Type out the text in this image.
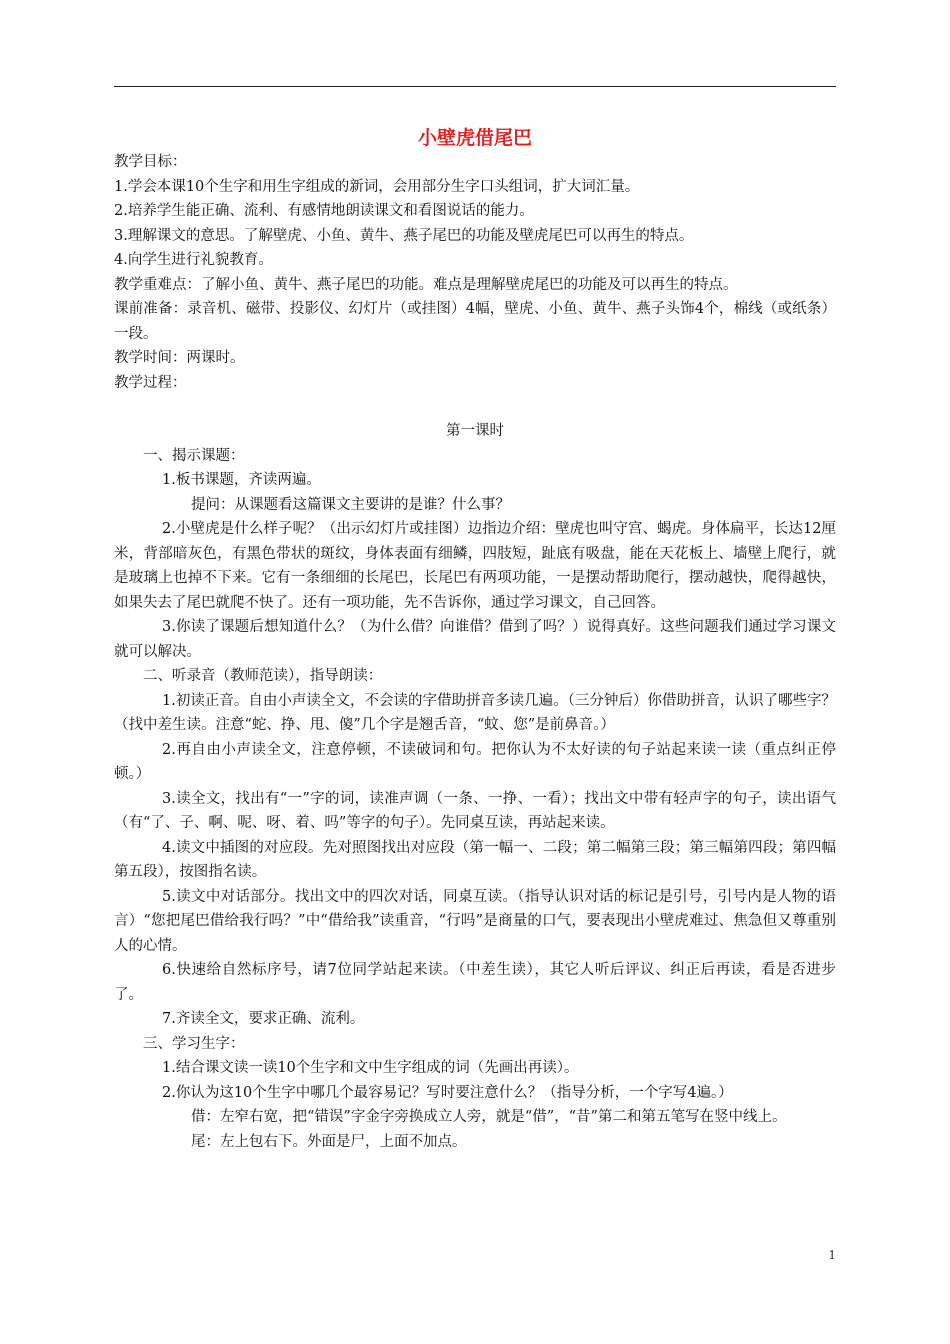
小壁虎借尾巴

教学目标：

1.学会本课10个生字和用生字组成的新词，会用部分生字口头组词，扩大词汇量。

2.培养学生能正确、流利、有感情地朗读课文和看图说话的能力。

3.理解课文的意思。了解壁虎、小鱼、黄牛、燕子尾巴的功能及壁虎尾巴可以再生的特点。

4.向学生进行礼貌教育。

教学重难点：了解小鱼、黄牛、燕子尾巴的功能。难点是理解壁虎尾巴的功能及可以再生的特点。

课前准备：录音机、磁带、投影仪、幻灯片（或挂图）4幅，壁虎、小鱼、黄牛、燕子头饰4个，棉线（或纸条）一段。

教学时间：两课时。

教学过程：

第一课时

一、揭示课题：

1.板书课题，齐读两遍。

提问：从课题看这篇课文主要讲的是谁？什么事？

2.小壁虎是什么样子呢？（出示幻灯片或挂图）边指边介绍：壁虎也叫守宫、蝎虎。身体扁平，长达12厘米，背部暗灰色，有黑色带状的斑纹，身体表面有细鳞，四肢短，趾底有吸盘，能在天花板上、墙壁上爬行，就是玻璃上也掉不下来。它有一条细细的长尾巴，长尾巴有两项功能，一是摆动帮助爬行，摆动越快，爬得越快，如果失去了尾巴就爬不快了。还有一项功能，先不告诉你，通过学习课文，自己回答。

3.你读了课题后想知道什么？（为什么借？向谁借？借到了吗？）说得真好。这些问题我们通过学习课文就可以解决。

二、听录音（教师范读），指导朗读：

1.初读正音。自由小声读全文，不会读的字借助拼音多读几遍。（三分钟后）你借助拼音，认识了哪些字？（找中差生读。注意“蛇、挣、甩、傻”几个字是翘舌音，“蚊、您”是前鼻音。）

2.再自由小声读全文，注意停顿，不读破词和句。把你认为不太好读的句子站起来读一读（重点纠正停顿。）

3.读全文，找出有“一”字的词，读准声调（一条、一挣、一看）；找出文中带有轻声字的句子，读出语气（有“了、子、啊、呢、呀、着、吗”等字的句子）。先同桌互读，再站起来读。

4.读文中插图的对应段。先对照图找出对应段（第一幅一、二段；第二幅第三段；第三幅第四段；第四幅第五段），按图指名读。

5.读文中对话部分。找出文中的四次对话，同桌互读。（指导认识对话的标记是引号，引号内是人物的语言）“您把尾巴借给我行吗？”中“借给我”读重音，“行吗”是商量的口气，要表现出小壁虎难过、焦急但又尊重别人的心情。

6.快速给自然标序号，请7位同学站起来读。（中差生读），其它人听后评议、纠正后再读，看是否进步了。

7.齐读全文，要求正确、流利。

三、学习生字：

1.结合课文读一读10个生字和文中生字组成的词（先画出再读）。

2.你认为这10个生字中哪几个最容易记？写时要注意什么？（指导分析，一个字写4遍。）

借：左窄右宽，把“错误”字金字旁换成立人旁，就是“借”，“昔”第二和第五笔写在竖中线上。

尾：左上包右下。外面是尸，上面不加点。

1
